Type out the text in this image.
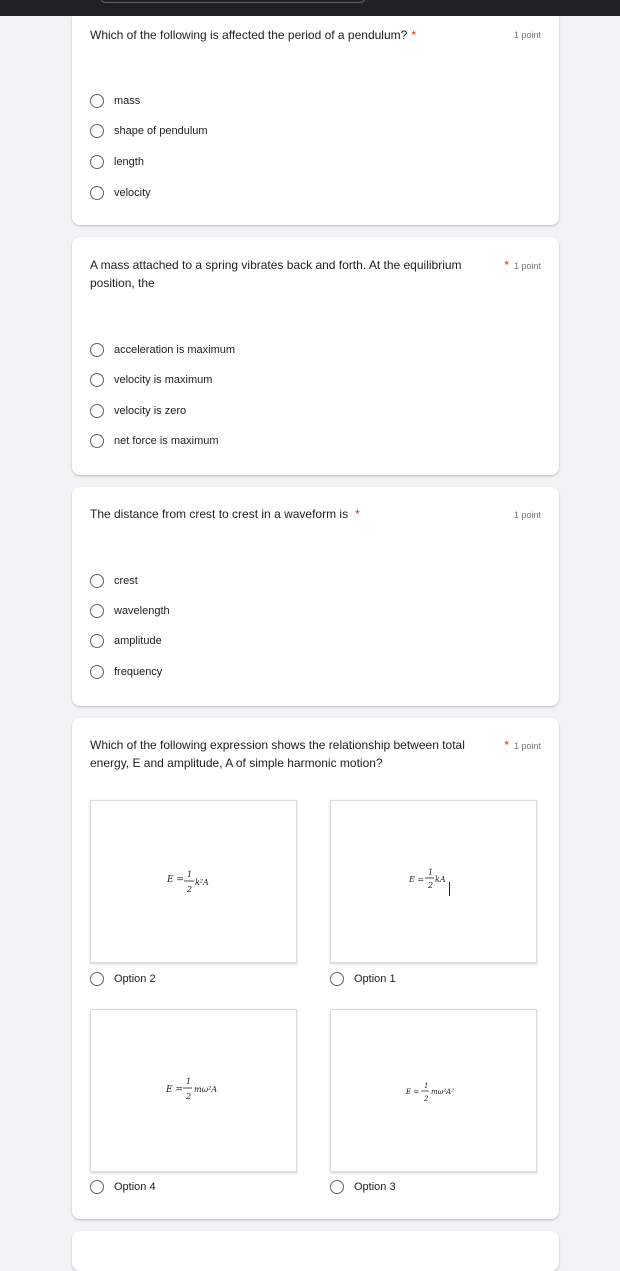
Which of the following is affected the period of a pendulum? *	1 point
mass
shape of pendulum
length
velocity
A mass attached to a spring vibrates back and forth. At the equilibrium position, the
* 1 point
acceleration is maximum
velocity is maximum
velocity is zero
net force is maximum
The distance from crest to crest in a waveform is *	1 point
crest
wavelength
amplitude
frequency
Which of the following expression shows the relationship between total energy, E and amplitude, A of simple harmonic motion?
* 1 point
E =
1
2
k²A	E =
1
2
kA
Option 2	Option 1
E =
1
2
mω²A	E =
1
2
mω²A²
Option 4	Option 3
